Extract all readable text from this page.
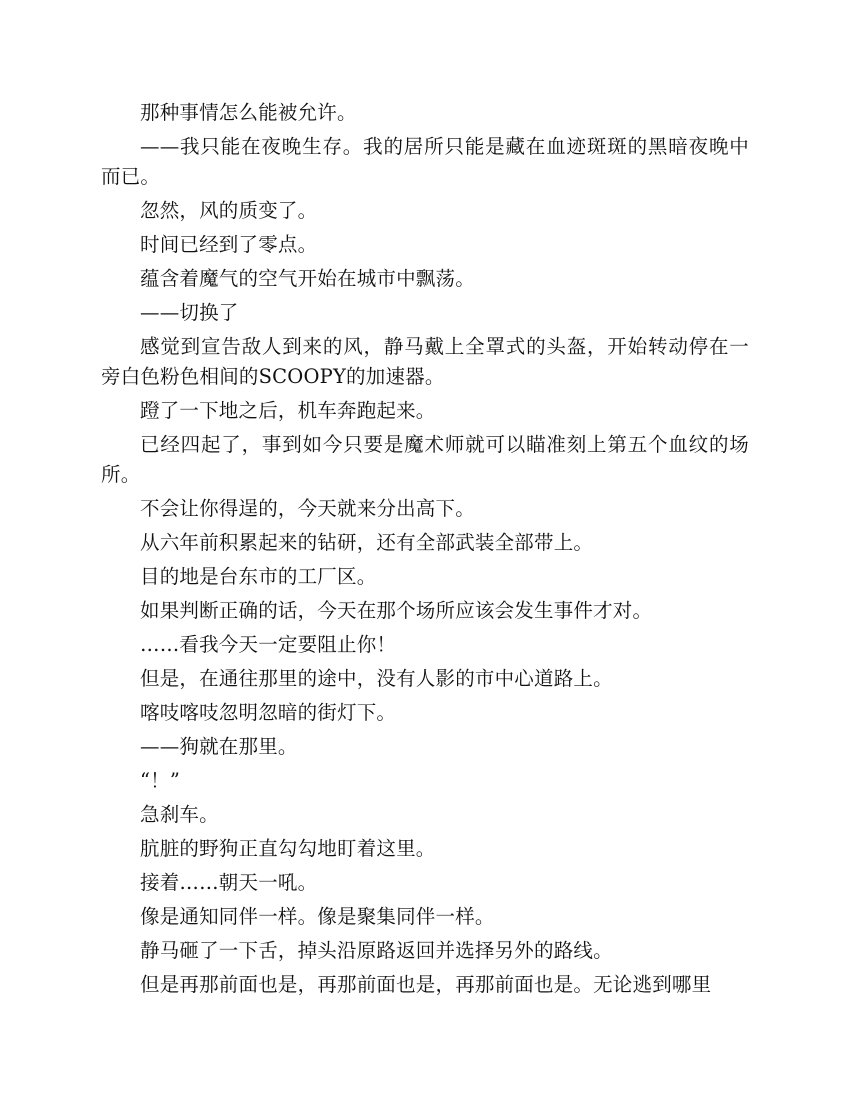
那种事情怎么能被允许。

——我只能在夜晚生存。我的居所只能是藏在血迹斑斑的黑暗夜晚中而已。

忽然，风的质变了。

时间已经到了零点。

蕴含着魔气的空气开始在城市中飘荡。

——切换了

感觉到宣告敌人到来的风，静马戴上全罩式的头盔，开始转动停在一旁白色粉色相间的SCOOPY的加速器。

蹬了一下地之后，机车奔跑起来。

已经四起了，事到如今只要是魔术师就可以瞄准刻上第五个血纹的场所。

不会让你得逞的，今天就来分出高下。

从六年前积累起来的钻研，还有全部武装全部带上。

目的地是台东市的工厂区。

如果判断正确的话，今天在那个场所应该会发生事件才对。

……看我今天一定要阻止你！

但是，在通往那里的途中，没有人影的市中心道路上。

喀吱喀吱忽明忽暗的街灯下。

——狗就在那里。

“！”

急刹车。

肮脏的野狗正直勾勾地盯着这里。

接着……朝天一吼。

像是通知同伴一样。像是聚集同伴一样。

静马砸了一下舌，掉头沿原路返回并选择另外的路线。

但是再那前面也是，再那前面也是，再那前面也是。无论逃到哪里
